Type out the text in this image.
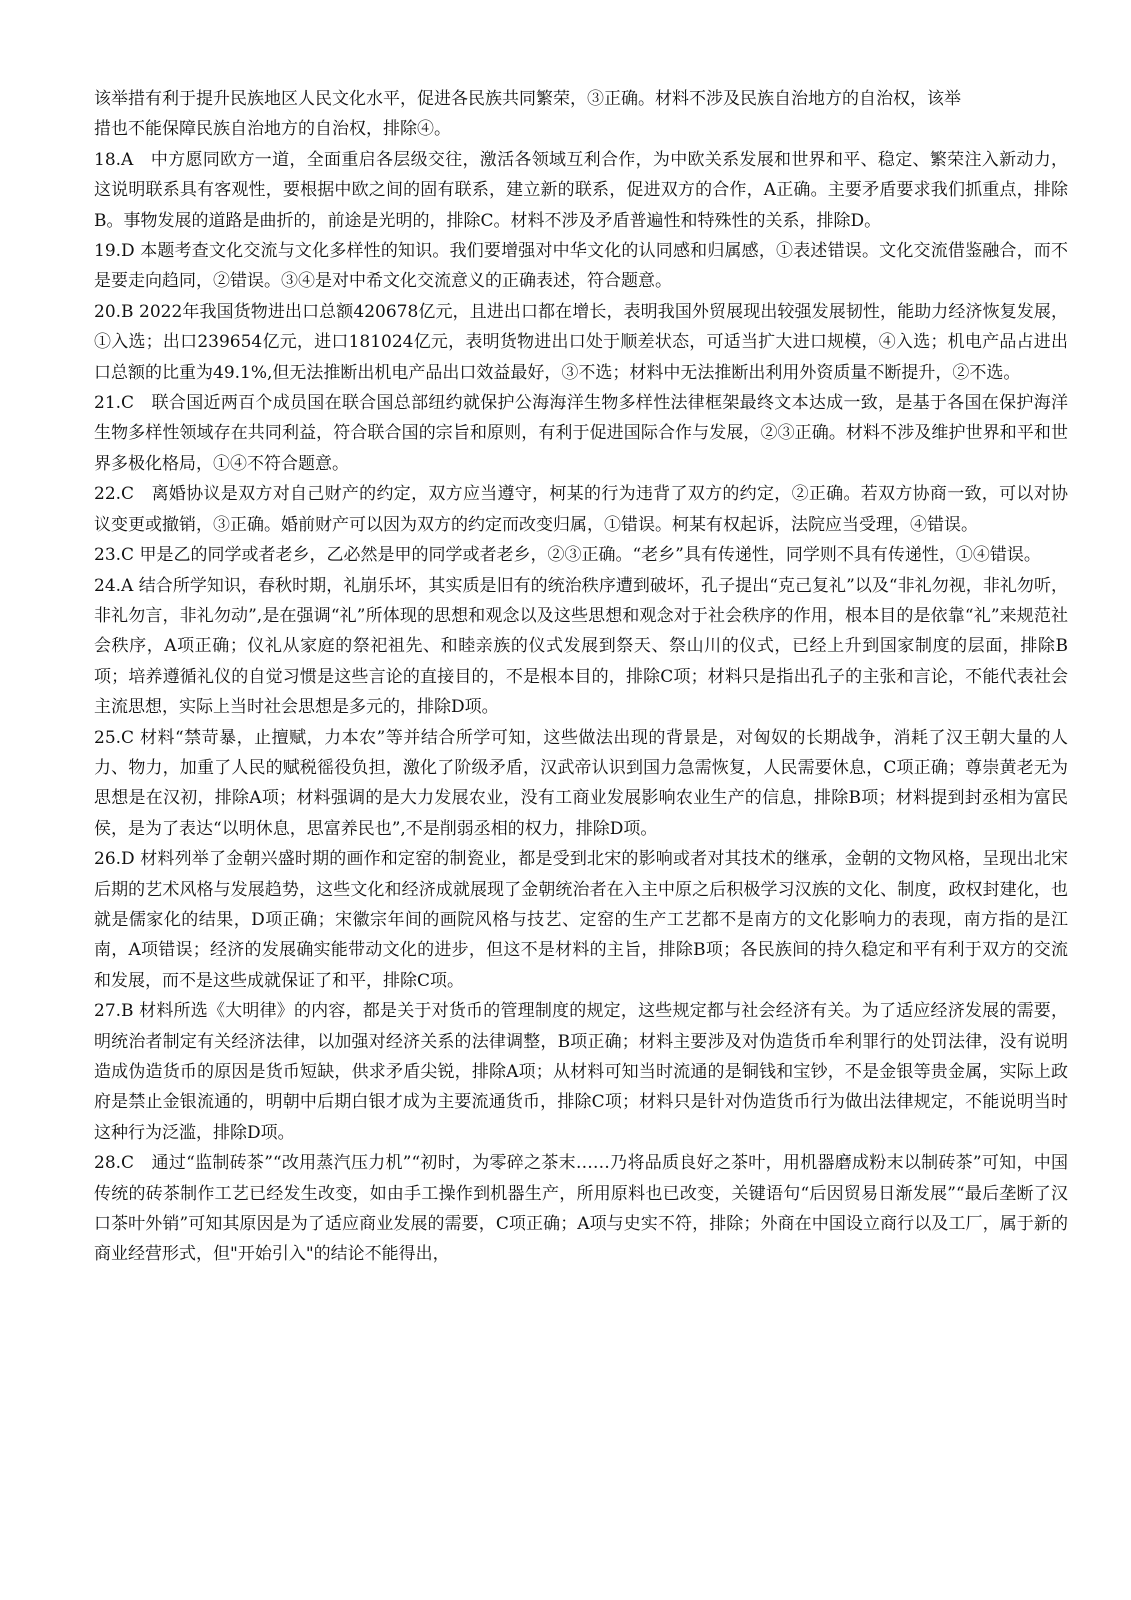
该举措有利于提升民族地区人民文化水平，促进各民族共同繁荣，③正确。材料不涉及民族自治地方的自治权，该举措也不能保障民族自治地方的自治权，排除④。

18.A　中方愿同欧方一道，全面重启各层级交往，激活各领域互利合作，为中欧关系发展和世界和平、稳定、繁荣注入新动力，这说明联系具有客观性，要根据中欧之间的固有联系，建立新的联系，促进双方的合作，A正确。主要矛盾要求我们抓重点，排除B。事物发展的道路是曲折的，前途是光明的，排除C。材料不涉及矛盾普遍性和特殊性的关系，排除D。

19.D 本题考查文化交流与文化多样性的知识。我们要增强对中华文化的认同感和归属感，①表述错误。文化交流借鉴融合，而不是要走向趋同，②错误。③④是对中希文化交流意义的正确表述，符合题意。

20.B 2022年我国货物进出口总额420678亿元，且进出口都在增长，表明我国外贸展现出较强发展韧性，能助力经济恢复发展，①入选；出口239654亿元，进口181024亿元，表明货物进出口处于顺差状态，可适当扩大进口规模，④入选；机电产品占进出口总额的比重为49.1%,但无法推断出机电产品出口效益最好，③不选；材料中无法推断出利用外资质量不断提升，②不选。

21.C　联合国近两百个成员国在联合国总部纽约就保护公海海洋生物多样性法律框架最终文本达成一致，是基于各国在保护海洋生物多样性领域存在共同利益，符合联合国的宗旨和原则，有利于促进国际合作与发展，②③正确。材料不涉及维护世界和平和世界多极化格局，①④不符合题意。

22.C　离婚协议是双方对自己财产的约定，双方应当遵守，柯某的行为违背了双方的约定，②正确。若双方协商一致，可以对协议变更或撤销，③正确。婚前财产可以因为双方的约定而改变归属，①错误。柯某有权起诉，法院应当受理，④错误。

23.C 甲是乙的同学或者老乡，乙必然是甲的同学或者老乡，②③正确。“老乡”具有传递性，同学则不具有传递性，①④错误。

24.A 结合所学知识，春秋时期，礼崩乐坏，其实质是旧有的统治秩序遭到破坏，孔子提出“克己复礼”以及“非礼勿视，非礼勿听，非礼勿言，非礼勿动”,是在强调“礼”所体现的思想和观念以及这些思想和观念对于社会秩序的作用，根本目的是依靠“礼”来规范社会秩序，A项正确；仪礼从家庭的祭祀祖先、和睦亲族的仪式发展到祭天、祭山川的仪式，已经上升到国家制度的层面，排除B项；培养遵循礼仪的自觉习惯是这些言论的直接目的，不是根本目的，排除C项；材料只是指出孔子的主张和言论，不能代表社会主流思想，实际上当时社会思想是多元的，排除D项。

25.C 材料“禁苛暴，止擅赋，力本农”等并结合所学可知，这些做法出现的背景是，对匈奴的长期战争，消耗了汉王朝大量的人力、物力，加重了人民的赋税徭役负担，激化了阶级矛盾，汉武帝认识到国力急需恢复，人民需要休息，C项正确；尊崇黄老无为思想是在汉初，排除A项；材料强调的是大力发展农业，没有工商业发展影响农业生产的信息，排除B项；材料提到封丞相为富民侯，是为了表达“以明休息，思富养民也”,不是削弱丞相的权力，排除D项。

26.D 材料列举了金朝兴盛时期的画作和定窑的制瓷业，都是受到北宋的影响或者对其技术的继承，金朝的文物风格，呈现出北宋后期的艺术风格与发展趋势，这些文化和经济成就展现了金朝统治者在入主中原之后积极学习汉族的文化、制度，政权封建化，也就是儒家化的结果，D项正确；宋徽宗年间的画院风格与技艺、定窑的生产工艺都不是南方的文化影响力的表现，南方指的是江南，A项错误；经济的发展确实能带动文化的进步，但这不是材料的主旨，排除B项；各民族间的持久稳定和平有利于双方的交流和发展，而不是这些成就保证了和平，排除C项。

27.B 材料所选《大明律》的内容，都是关于对货币的管理制度的规定，这些规定都与社会经济有关。为了适应经济发展的需要，明统治者制定有关经济法律，以加强对经济关系的法律调整，B项正确；材料主要涉及对伪造货币牟利罪行的处罚法律，没有说明造成伪造货币的原因是货币短缺，供求矛盾尖锐，排除A项；从材料可知当时流通的是铜钱和宝钞，不是金银等贵金属，实际上政府是禁止金银流通的，明朝中后期白银才成为主要流通货币，排除C项；材料只是针对伪造货币行为做出法律规定，不能说明当时这种行为泛滥，排除D项。

28.C　通过“监制砖茶”“改用蒸汽压力机”“初时，为零碎之茶末……乃将品质良好之茶叶，用机器磨成粉末以制砖茶”可知，中国传统的砖茶制作工艺已经发生改变，如由手工操作到机器生产，所用原料也已改变，关键语句“后因贸易日渐发展”“最后垄断了汉口茶叶外销”可知其原因是为了适应商业发展的需要，C项正确；A项与史实不符，排除；外商在中国设立商行以及工厂，属于新的商业经营形式，但"开始引入"的结论不能得出，
